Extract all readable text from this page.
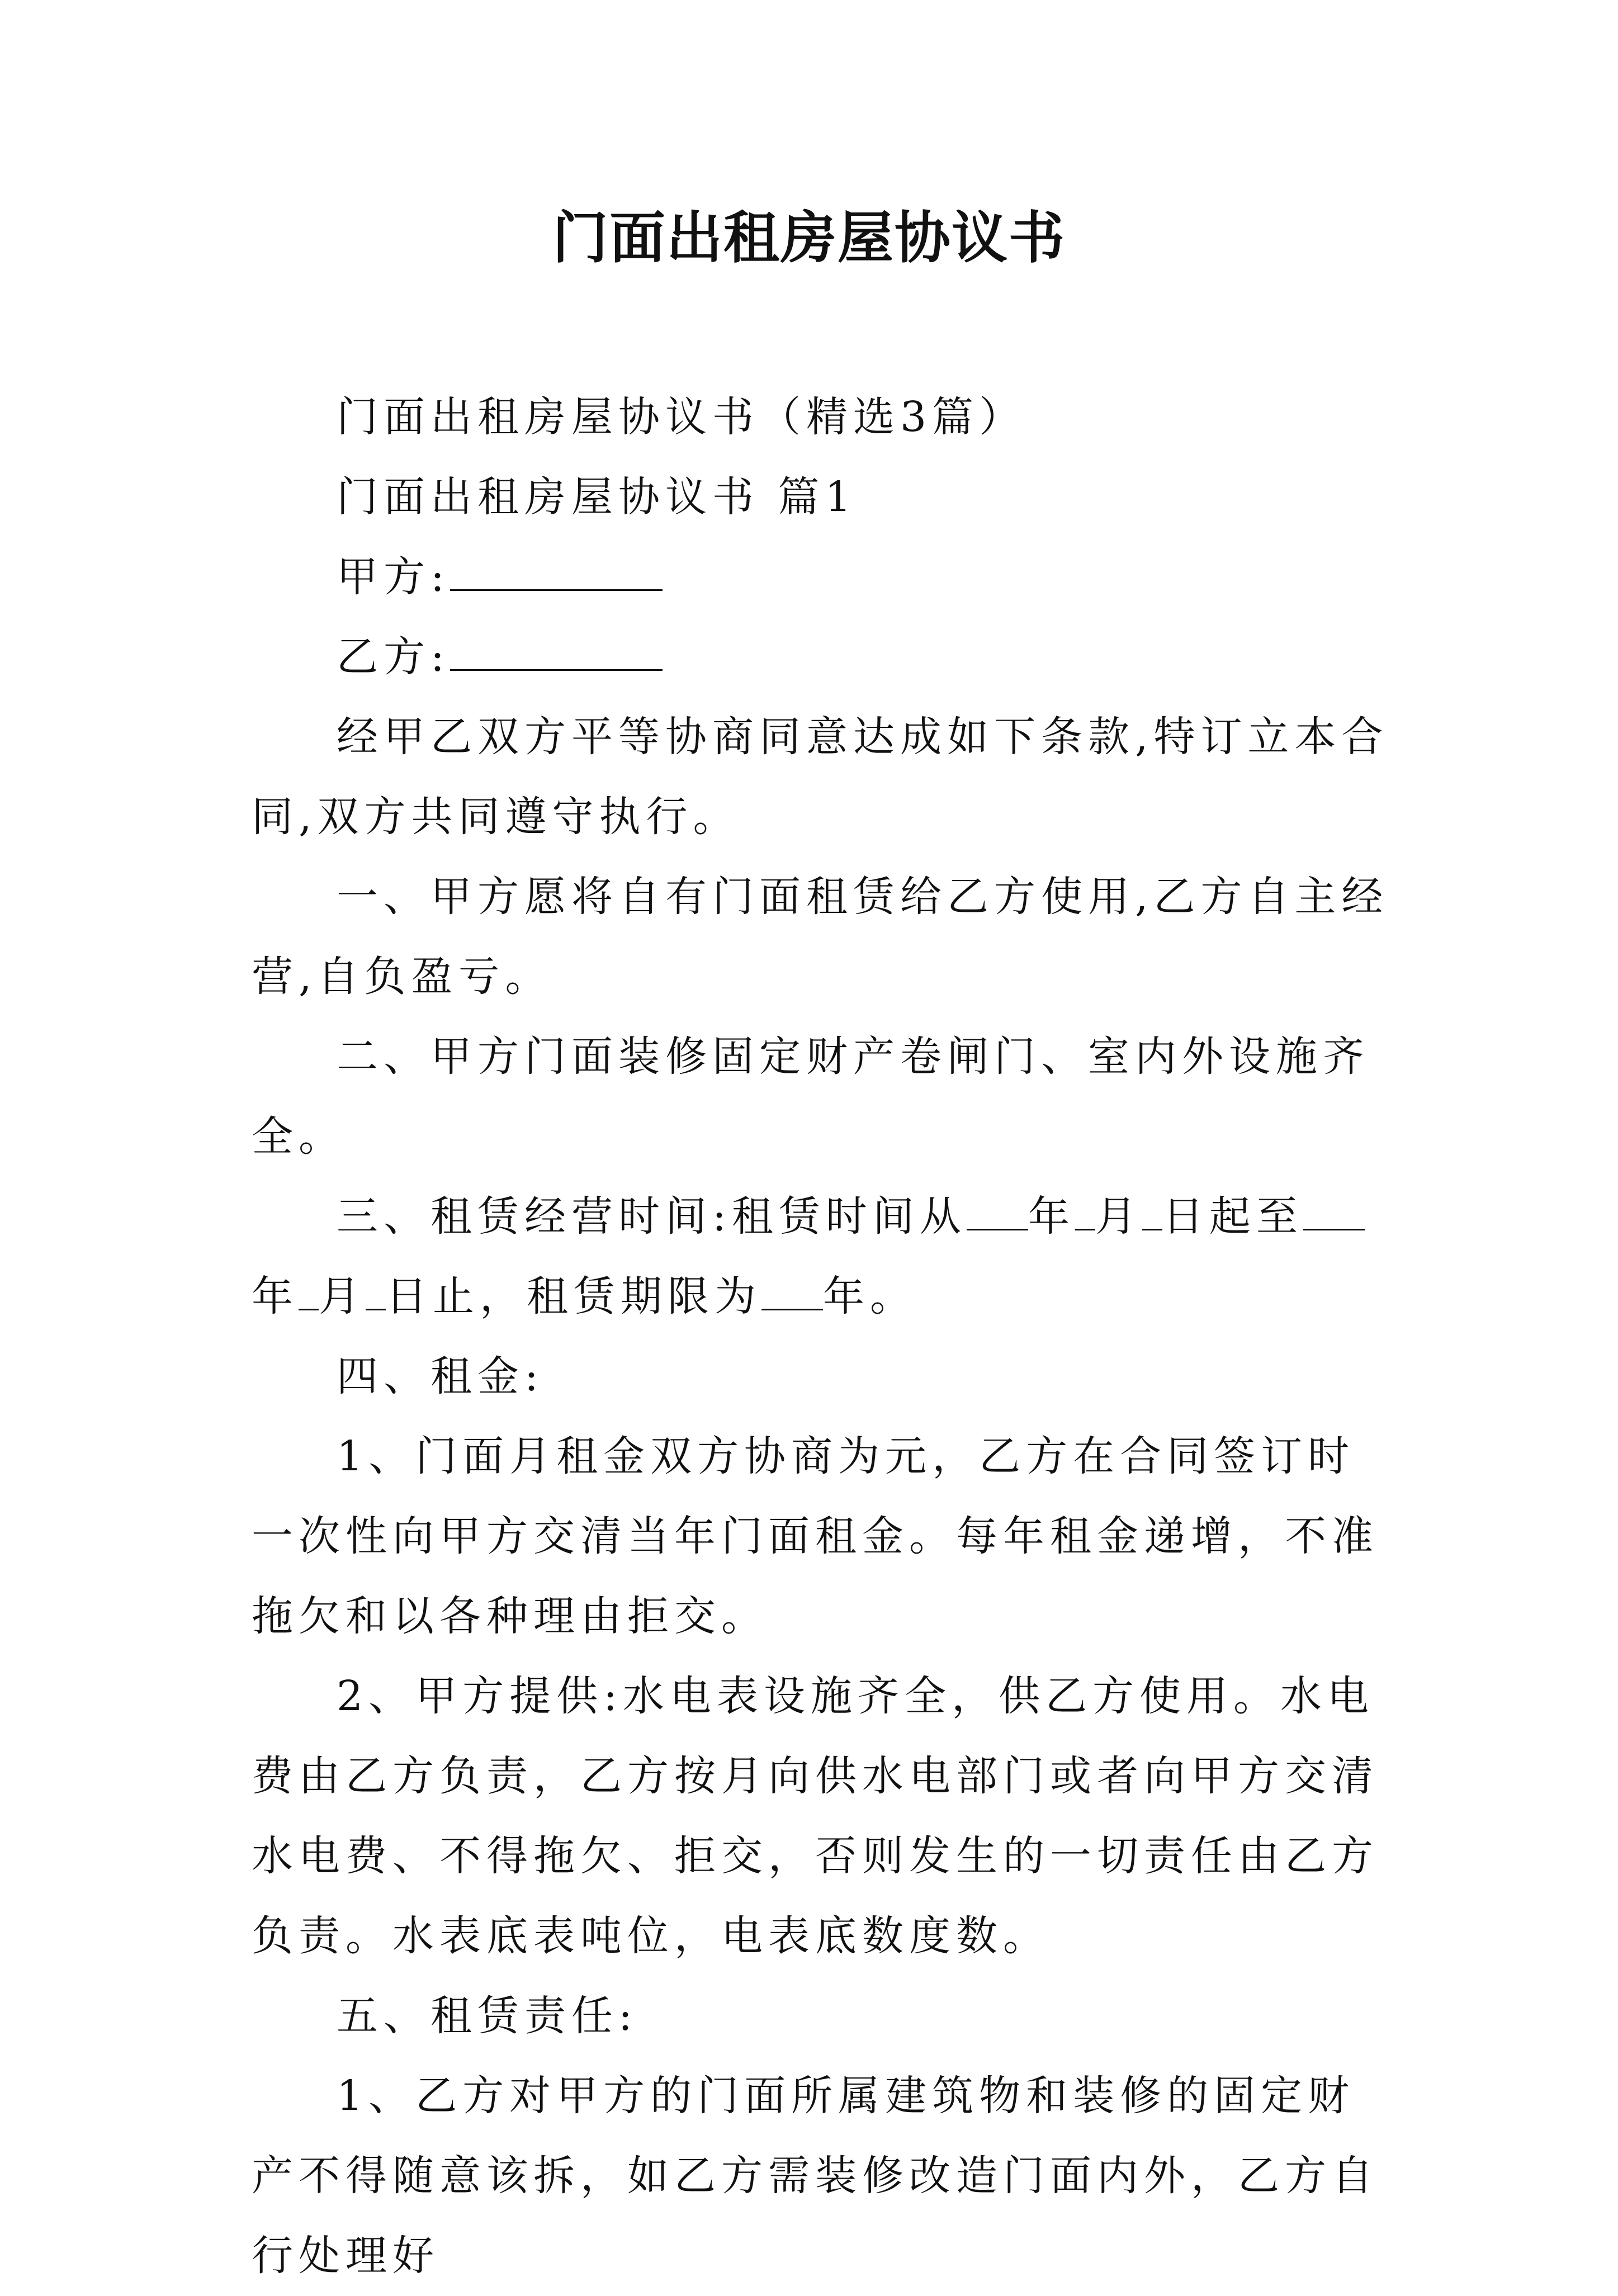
门面出租房屋协议书

门面出租房屋协议书（精选3篇）

门面出租房屋协议书 篇1

甲方:

乙方:

经甲乙双方平等协商同意达成如下条款,特订立本合同,双方共同遵守执行。

一、甲方愿将自有门面租赁给乙方使用,乙方自主经营,自负盈亏。

二、甲方门面装修固定财产卷闸门、室内外设施齐全。

三、租赁经营时间:租赁时间从 年 月 日起至年 月 日止，租赁期限为 年。

四、租金:

1、门面月租金双方协商为元，乙方在合同签订时一次性向甲方交清当年门面租金。每年租金递增，不准拖欠和以各种理由拒交。

2、甲方提供:水电表设施齐全，供乙方使用。水电费由乙方负责，乙方按月向供水电部门或者向甲方交清水电费、不得拖欠、拒交，否则发生的一切责任由乙方负责。水表底表吨位，电表底数度数。

五、租赁责任:

1、乙方对甲方的门面所属建筑物和装修的固定财产不得随意该拆，如乙方需装修改造门面内外，乙方自行处理好
